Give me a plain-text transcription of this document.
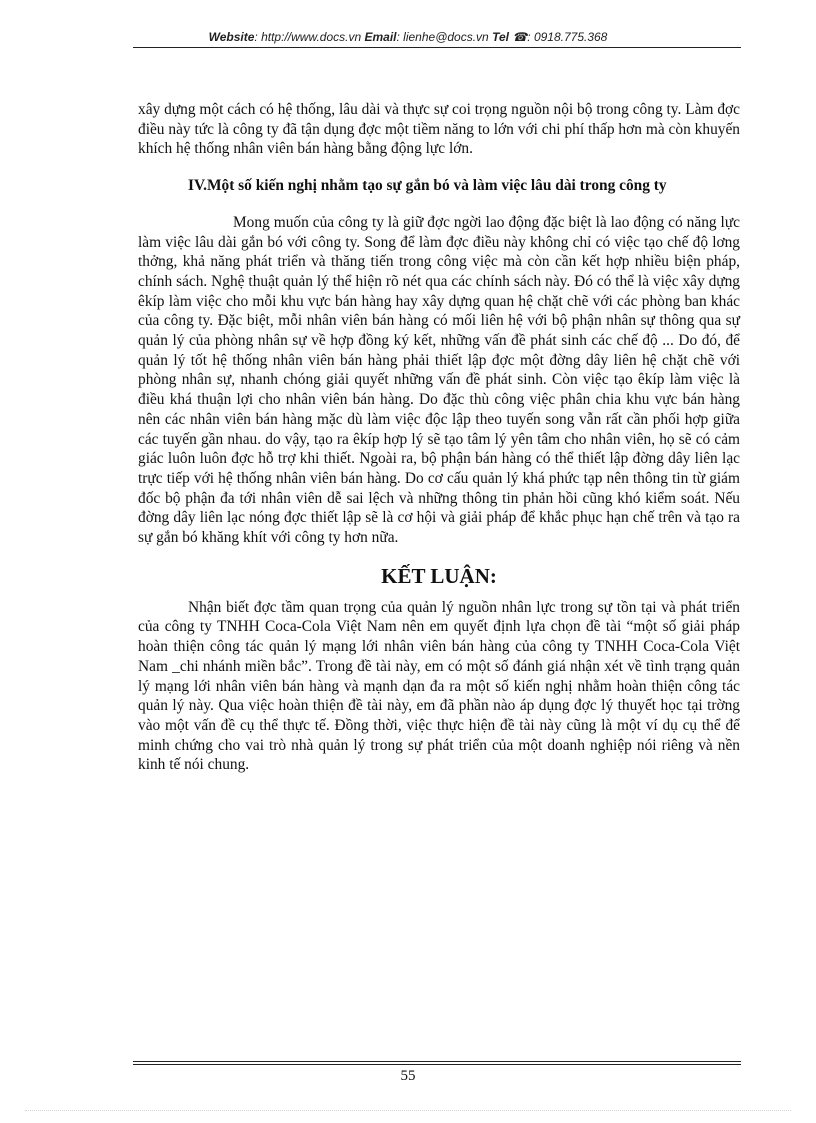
Website: http://www.docs.vn Email: lienhe@docs.vn Tel ☎: 0918.775.368

xây dựng một cách có hệ thống, lâu dài và thực sự coi trọng nguồn nội bộ trong công ty. Làm đợc điều này tức là công ty đã tận dụng đợc một tiềm năng to lớn với chi phí thấp hơn mà còn khuyến khích hệ thống nhân viên bán hàng bằng động lực lớn.

IV.Một số kiến nghị nhằm tạo sự gắn bó và làm việc lâu dài trong công ty

Mong muốn của công ty là giữ đợc ngời lao động đặc biệt là lao động có năng lực làm việc lâu dài gắn bó với công ty. Song để làm đợc điều này không chỉ có việc tạo chế độ lơng thởng, khả năng phát triển và thăng tiến trong công việc mà còn cần kết hợp nhiều biện pháp, chính sách. Nghệ thuật quản lý thể hiện rõ nét qua các chính sách này. Đó có thể là việc xây dựng êkíp làm việc cho mỗi khu vực bán hàng hay xây dựng quan hệ chặt chẽ với các phòng ban khác của công ty. Đặc biệt, mỗi nhân viên bán hàng có mối liên hệ với bộ phận nhân sự thông qua sự quản lý của phòng nhân sự về hợp đồng ký kết, những vấn đề phát sinh các chế độ ... Do đó, để quản lý tốt hệ thống nhân viên bán hàng phải thiết lập đợc một đờng dây liên hệ chặt chẽ với phòng nhân sự, nhanh chóng giải quyết những vấn đề phát sinh. Còn việc tạo êkíp làm việc là điều khá thuận lợi cho nhân viên bán hàng. Do đặc thù công việc phân chia khu vực bán hàng nên các nhân viên bán hàng mặc dù làm việc độc lập theo tuyến song vẫn rất cần phối hợp giữa các tuyến gần nhau. do vậy, tạo ra êkíp hợp lý sẽ tạo tâm lý yên tâm cho nhân viên, họ sẽ có cảm giác luôn luôn đợc hỗ trợ khi thiết. Ngoài ra, bộ phận bán hàng có thể thiết lập đờng dây liên lạc trực tiếp với hệ thống nhân viên bán hàng. Do cơ cấu quản lý khá phức tạp nên thông tin từ giám đốc bộ phận đa tới nhân viên dễ sai lệch và những thông tin phản hồi cũng khó kiểm soát. Nếu đờng dây liên lạc nóng đợc thiết lập sẽ là cơ hội và giải pháp để khắc phục hạn chế trên và tạo ra sự gắn bó khăng khít với công ty hơn nữa.

KẾT LUẬN:

Nhận biết đợc tầm quan trọng của quản lý nguồn nhân lực trong sự tồn tại và phát triển của công ty TNHH Coca-Cola Việt Nam nên em quyết định lựa chọn đề tài “một số giải pháp hoàn thiện công tác quản lý mạng lới nhân viên bán hàng của công ty TNHH Coca-Cola Việt Nam _chi nhánh miền bắc”. Trong đề tài này, em có một số đánh giá nhận xét về tình trạng quản lý mạng lới nhân viên bán hàng và mạnh dạn đa ra một số kiến nghị nhằm hoàn thiện công tác quản lý này. Qua việc hoàn thiện đề tài này, em đã phần nào áp dụng đợc lý thuyết học tại trờng vào một vấn đề cụ thể thực tế. Đồng thời, việc thực hiện đề tài này cũng là một ví dụ cụ thể để minh chứng cho vai trò nhà quản lý trong sự phát triển của một doanh nghiệp nói riêng và nền kinh tế nói chung.

55
